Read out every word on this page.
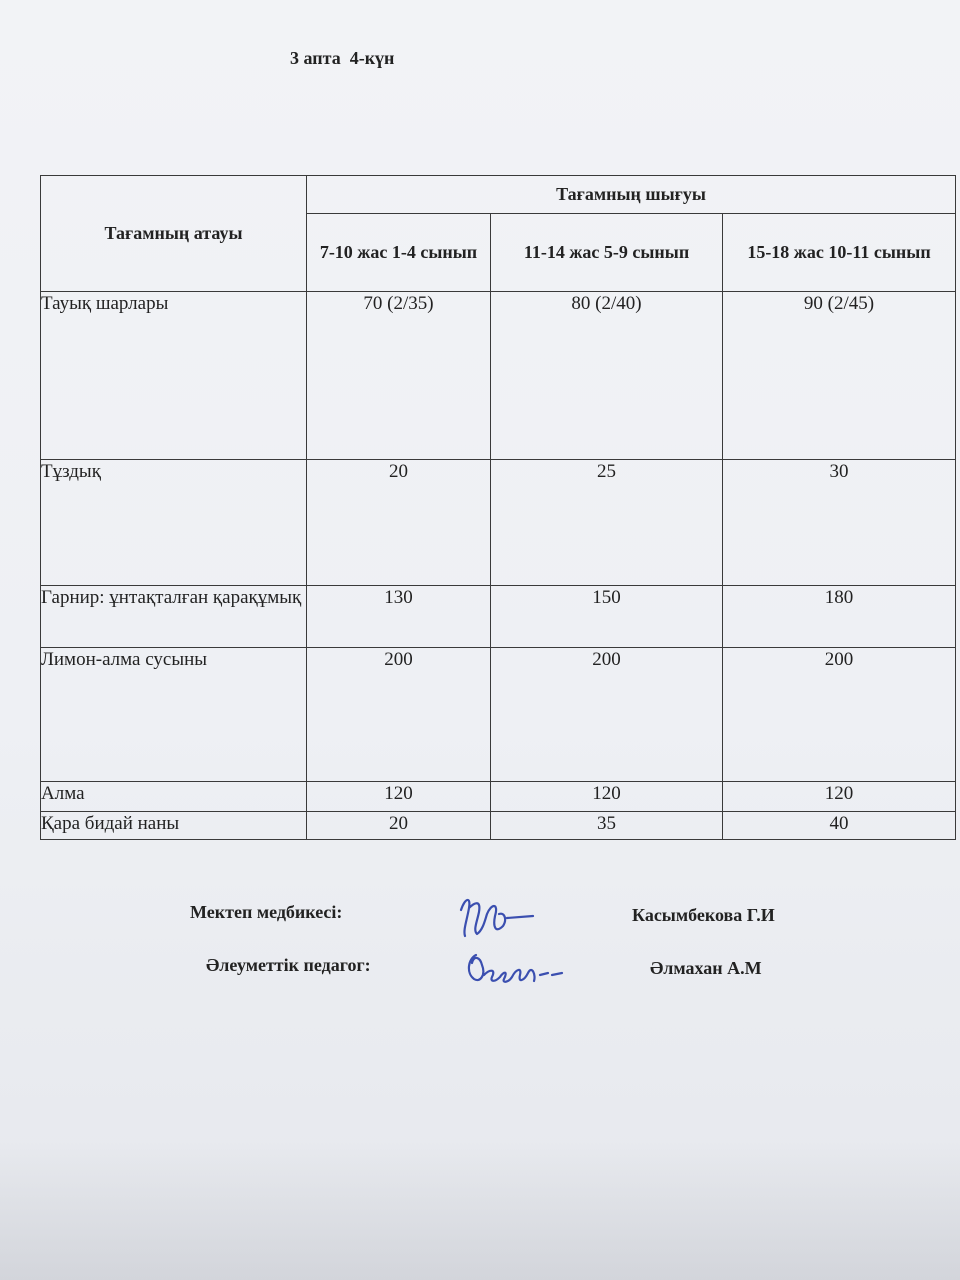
3 апта  4-күн
Тағамның атауы	Тағамның шығуы		
	7-10 жас 1-4 сынып	11-14 жас 5-9 сынып	15-18 жас 10-11 сынып
Тауық шарлары	70 (2/35)	80 (2/40)	90 (2/45)
Тұздық	20	25	30
Гарнир: ұнтақталған қарақұмық	130	150	180
Лимон-алма сусыны	200	200	200
Алма	120	120	120
Қара бидай наны	20	35	40
Мектеп медбикесі:	Касымбекова Г.И
Әлеуметтік педагог:	Әлмахан А.М
